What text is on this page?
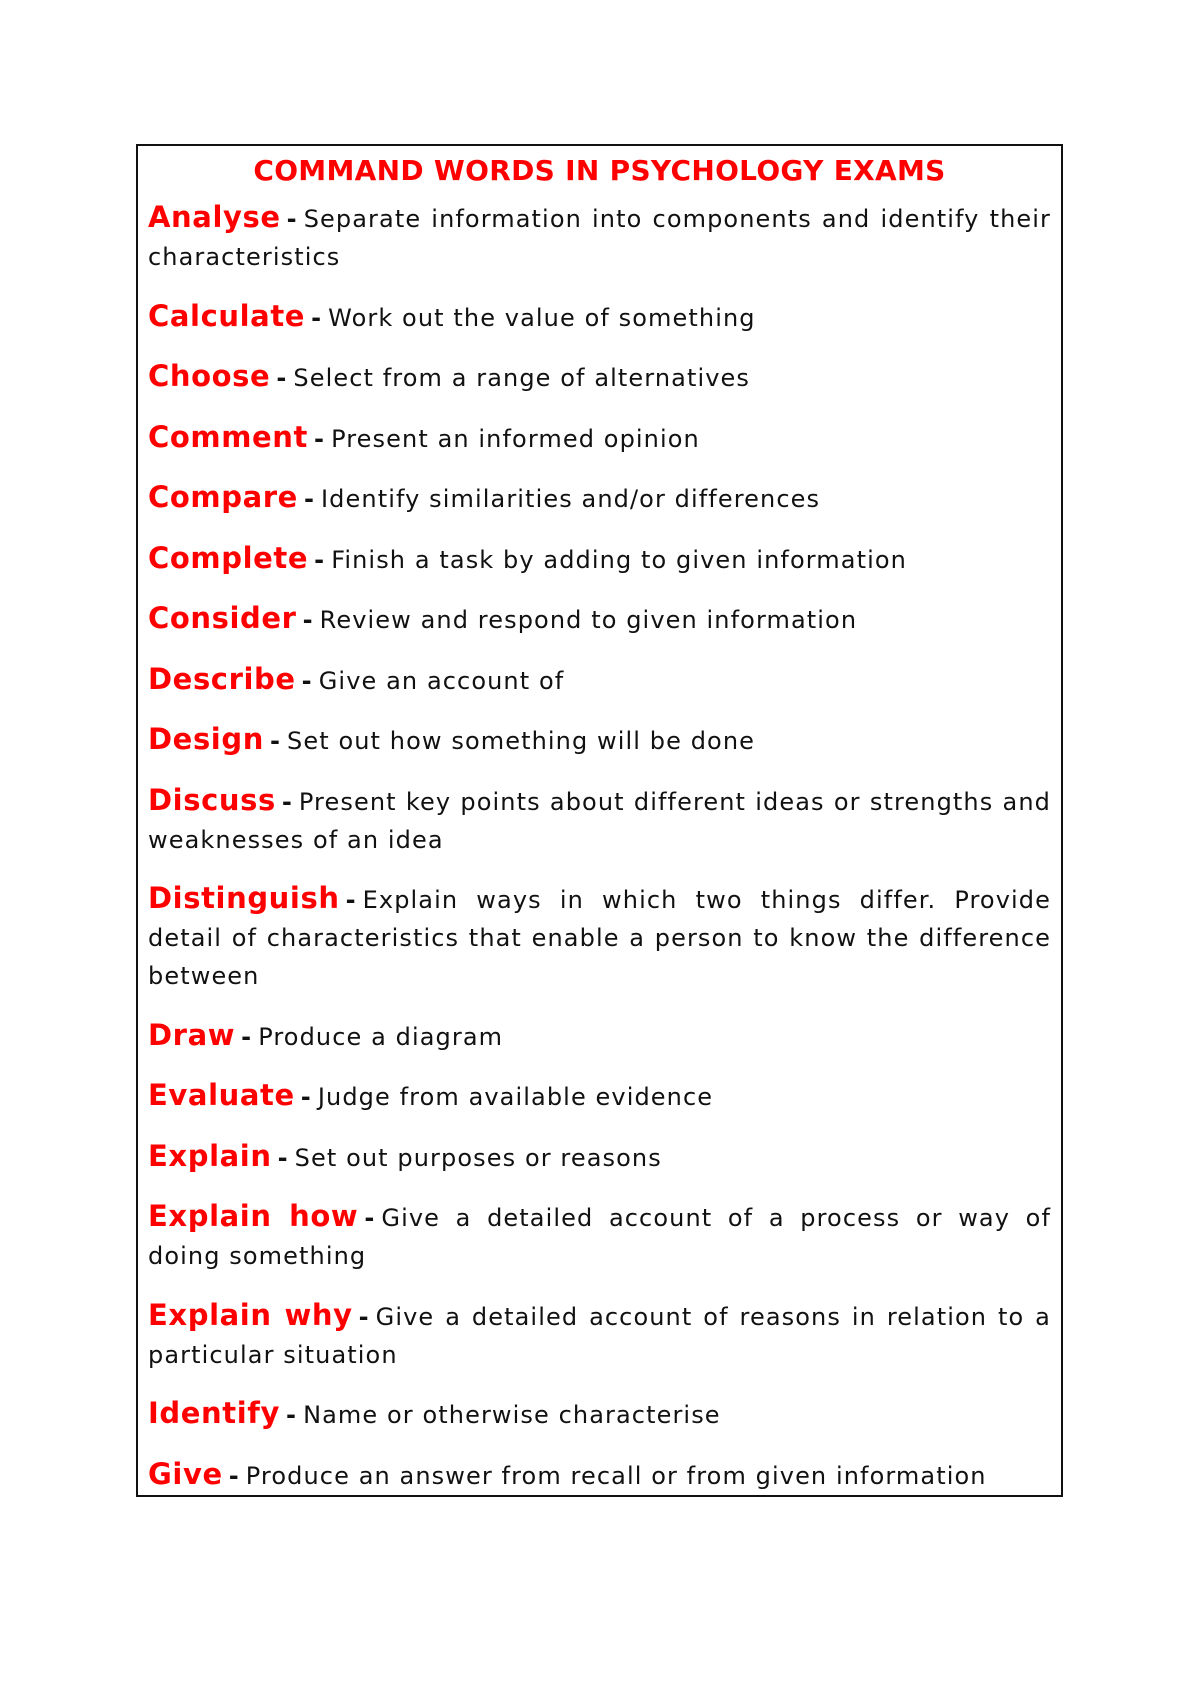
COMMAND WORDS IN PSYCHOLOGY EXAMS
Analyse - Separate information into components and identify their characteristics
Calculate - Work out the value of something
Choose - Select from a range of alternatives
Comment - Present an informed opinion
Compare - Identify similarities and/or differences
Complete - Finish a task by adding to given information
Consider - Review and respond to given information
Describe - Give an account of
Design - Set out how something will be done
Discuss - Present key points about different ideas or strengths and weaknesses of an idea
Distinguish - Explain ways in which two things differ. Provide detail of characteristics that enable a person to know the difference between
Draw - Produce a diagram
Evaluate - Judge from available evidence
Explain - Set out purposes or reasons
Explain how - Give a detailed account of a process or way of doing something
Explain why - Give a detailed account of reasons in relation to a particular situation
Identify - Name or otherwise characterise
Give - Produce an answer from recall or from given information
